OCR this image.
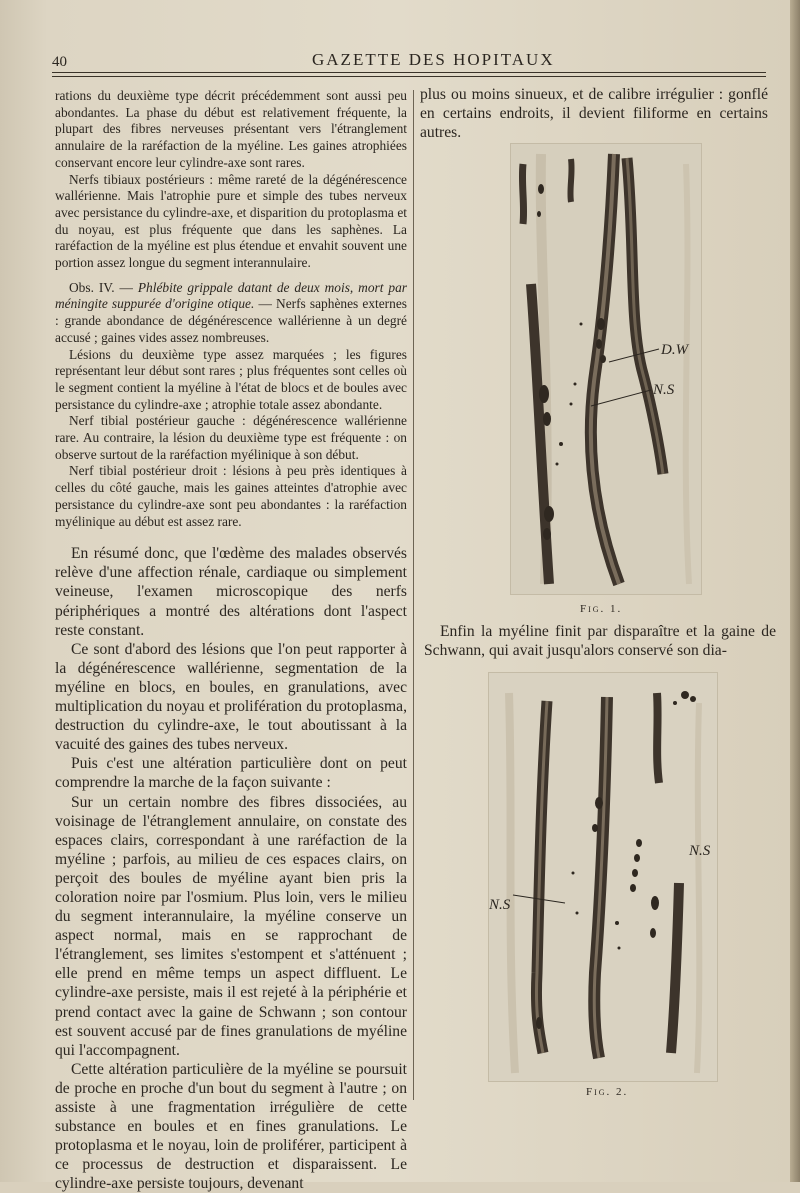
40	GAZETTE DES HOPITAUX

rations du deuxième type décrit précédemment sont aussi peu abondantes. La phase du début est relativement fréquente, la plupart des fibres nerveuses présentant vers l'étranglement annulaire de la raréfaction de la myéline. Les gaines atrophiées conservant encore leur cylindre-axe sont rares.

Nerfs tibiaux postérieurs : même rareté de la dégénérescence wallérienne. Mais l'atrophie pure et simple des tubes nerveux avec persistance du cylindre-axe, et disparition du protoplasma et du noyau, est plus fréquente que dans les saphènes. La raréfaction de la myéline est plus étendue et envahit souvent une portion assez longue du segment interannulaire.

Obs. IV. — Phlébite grippale datant de deux mois, mort par méningite suppurée d'origine otique. — Nerfs saphènes externes : grande abondance de dégénérescence wallérienne à un degré accusé ; gaines vides assez nombreuses.

Lésions du deuxième type assez marquées ; les figures représentant leur début sont rares ; plus fréquentes sont celles où le segment contient la myéline à l'état de blocs et de boules avec persistance du cylindre-axe ; atrophie totale assez abondante.

Nerf tibial postérieur gauche : dégénérescence wallérienne rare. Au contraire, la lésion du deuxième type est fréquente : on observe surtout de la raréfaction myélinique à son début.

Nerf tibial postérieur droit : lésions à peu près identiques à celles du côté gauche, mais les gaines atteintes d'atrophie avec persistance du cylindre-axe sont peu abondantes : la raréfaction myélinique au début est assez rare.

En résumé donc, que l'œdème des malades observés relève d'une affection rénale, cardiaque ou simplement veineuse, l'examen microscopique des nerfs périphériques a montré des altérations dont l'aspect reste constant.

Ce sont d'abord des lésions que l'on peut rapporter à la dégénérescence wallérienne, segmentation de la myéline en blocs, en boules, en granulations, avec multiplication du noyau et prolifération du protoplasma, destruction du cylindre-axe, le tout aboutissant à la vacuité des gaines des tubes nerveux.

Puis c'est une altération particulière dont on peut comprendre la marche de la façon suivante :

Sur un certain nombre des fibres dissociées, au voisinage de l'étranglement annulaire, on constate des espaces clairs, correspondant à une raréfaction de la myéline ; parfois, au milieu de ces espaces clairs, on perçoit des boules de myéline ayant bien pris la coloration noire par l'osmium. Plus loin, vers le milieu du segment interannulaire, la myéline conserve un aspect normal, mais en se rapprochant de l'étranglement, ses limites s'estompent et s'atténuent ; elle prend en même temps un aspect diffluent. Le cylindre-axe persiste, mais il est rejeté à la périphérie et prend contact avec la gaine de Schwann ; son contour est souvent accusé par de fines granulations de myéline qui l'accompagnent.

Cette altération particulière de la myéline se poursuit de proche en proche d'un bout du segment à l'autre ; on assiste à une fragmentation irrégulière de cette substance en boules et en fines granulations. Le protoplasma et le noyau, loin de proliférer, participent à ce processus de destruction et disparaissent. Le cylindre-axe persiste toujours, devenant

plus ou moins sinueux, et de calibre irrégulier : gonflé en certains endroits, il devient filiforme en certains autres.

D.W
N.S
Fig. 1.

Enfin la myéline finit par disparaître et la gaine de Schwann, qui avait jusqu'alors conservé son dia-

N.S
N.S
Fig. 2.
